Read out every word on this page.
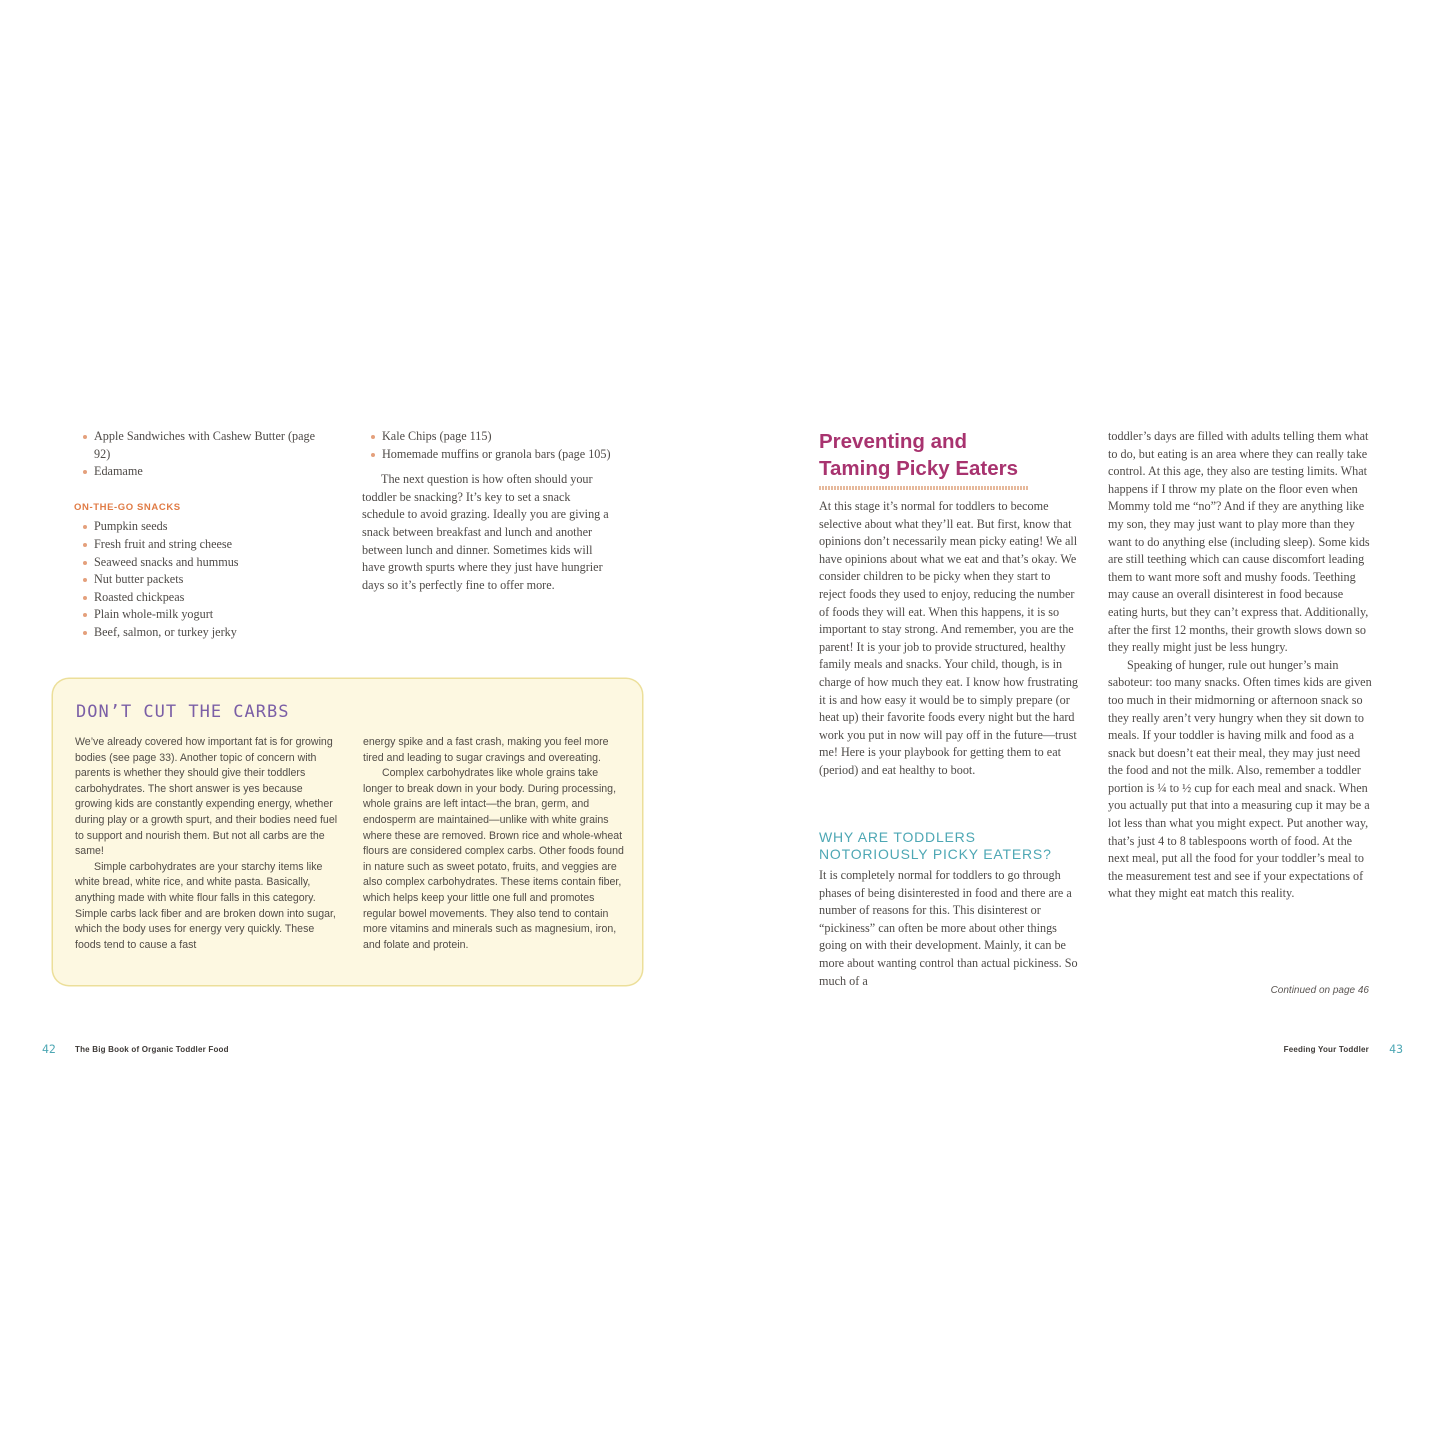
Apple Sandwiches with Cashew Butter (page 92)
Edamame
ON-THE-GO SNACKS
Pumpkin seeds
Fresh fruit and string cheese
Seaweed snacks and hummus
Nut butter packets
Roasted chickpeas
Plain whole-milk yogurt
Beef, salmon, or turkey jerky
Kale Chips (page 115)
Homemade muffins or granola bars (page 105)

The next question is how often should your toddler be snacking? It’s key to set a snack schedule to avoid grazing. Ideally you are giving a snack between breakfast and lunch and another between lunch and dinner. Sometimes kids will have growth spurts where they just have hungrier days so it’s perfectly fine to offer more.

DON’T CUT THE CARBS

We’ve already covered how important fat is for growing bodies (see page 33). Another topic of concern with parents is whether they should give their toddlers carbohydrates. The short answer is yes because growing kids are constantly expending energy, whether during play or a growth spurt, and their bodies need fuel to support and nourish them. But not all carbs are the same!

Simple carbohydrates are your starchy items like white bread, white rice, and white pasta. Basically, anything made with white flour falls in this category. Simple carbs lack fiber and are broken down into sugar, which the body uses for energy very quickly. These foods tend to cause a fast

energy spike and a fast crash, making you feel more tired and leading to sugar cravings and overeating.

Complex carbohydrates like whole grains take longer to break down in your body. During processing, whole grains are left intact—the bran, germ, and endosperm are maintained—unlike with white grains where these are removed. Brown rice and whole-wheat flours are considered complex carbs. Other foods found in nature such as sweet potato, fruits, and veggies are also complex carbohydrates. These items contain fiber, which helps keep your little one full and promotes regular bowel movements. They also tend to contain more vitamins and minerals such as magnesium, iron, and folate and protein.

42 The Big Book of Organic Toddler Food
Preventing and
Taming Picky Eaters

At this stage it’s normal for toddlers to become selective about what they’ll eat. But first, know that opinions don’t necessarily mean picky eating! We all have opinions about what we eat and that’s okay. We consider children to be picky when they start to reject foods they used to enjoy, reducing the number of foods they will eat. When this happens, it is so important to stay strong. And remember, you are the parent! It is your job to provide structured, healthy family meals and snacks. Your child, though, is in charge of how much they eat. I know how frustrating it is and how easy it would be to simply prepare (or heat up) their favorite foods every night but the hard work you put in now will pay off in the future—trust me! Here is your playbook for getting them to eat (period) and eat healthy to boot.

WHY ARE TODDLERS
NOTORIOUSLY PICKY EATERS?

It is completely normal for toddlers to go through phases of being disinterested in food and there are a number of reasons for this. This disinterest or “pickiness” can often be more about other things going on with their development. Mainly, it can be more about wanting control than actual pickiness. So much of a

toddler’s days are filled with adults telling them what to do, but eating is an area where they can really take control. At this age, they also are testing limits. What happens if I throw my plate on the floor even when Mommy told me “no”? And if they are anything like my son, they may just want to play more than they want to do anything else (including sleep). Some kids are still teething which can cause discomfort leading them to want more soft and mushy foods. Teething may cause an overall disinterest in food because eating hurts, but they can’t express that. Additionally, after the first 12 months, their growth slows down so they really might just be less hungry.

Speaking of hunger, rule out hunger’s main saboteur: too many snacks. Often times kids are given too much in their midmorning or afternoon snack so they really aren’t very hungry when they sit down to meals. If your toddler is having milk and food as a snack but doesn’t eat their meal, they may just need the food and not the milk. Also, remember a toddler portion is ¼ to ½ cup for each meal and snack. When you actually put that into a measuring cup it may be a lot less than what you might expect. Put another way, that’s just 4 to 8 tablespoons worth of food. At the next meal, put all the food for your toddler’s meal to the measurement test and see if your expectations of what they might eat match this reality.

Continued on page 46
Feeding Your Toddler 43
